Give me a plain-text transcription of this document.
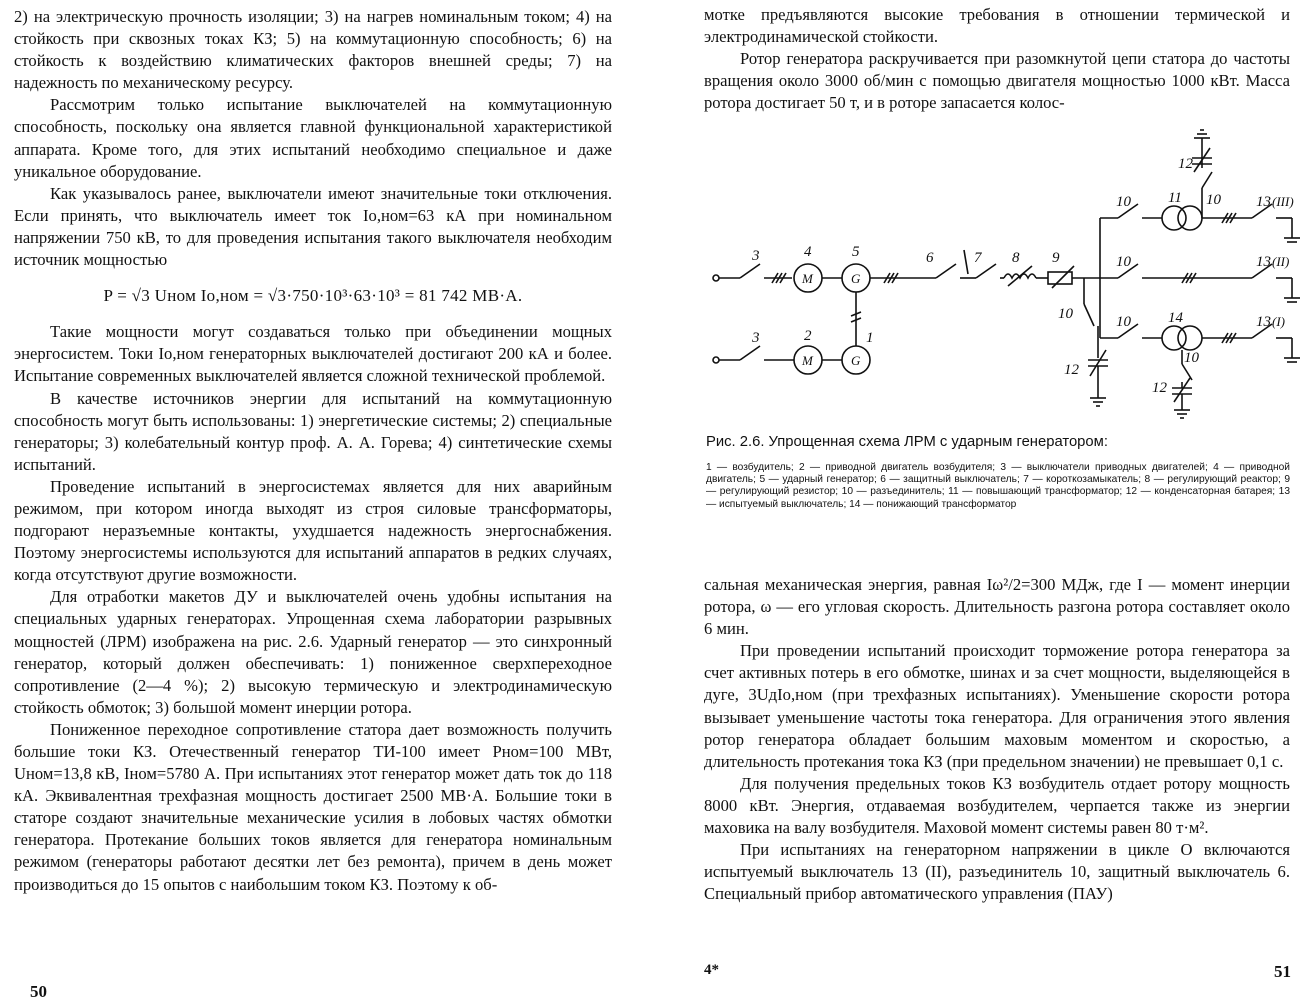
2) на электрическую прочность изоляции; 3) на нагрев номинальным током; 4) на стойкость при сквозных токах КЗ; 5) на коммутационную способность; 6) на стойкость к воздействию климатических факторов внешней среды; 7) на надежность по механическому ресурсу.

Рассмотрим только испытание выключателей на коммутационную способность, поскольку она является главной функциональной характеристикой аппарата. Кроме того, для этих испытаний необходимо специальное и даже уникальное оборудование.

Как указывалось ранее, выключатели имеют значительные токи отключения. Если принять, что выключатель имеет ток Iо,ном=63 кА при номинальном напряжении 750 кВ, то для проведения испытания такого выключателя необходим источник мощностью

P = √3 Uном Iо,ном = √3·750·10³·63·10³ = 81 742 МВ·А.

Такие мощности могут создаваться только при объединении мощных энергосистем. Токи Iо,ном генераторных выключателей достигают 200 кА и более. Испытание современных выключателей является сложной технической проблемой.

В качестве источников энергии для испытаний на коммутационную способность могут быть использованы: 1) энергетические системы; 2) специальные генераторы; 3) колебательный контур проф. А. А. Горева; 4) синтетические схемы испытаний.

Проведение испытаний в энергосистемах является для них аварийным режимом, при котором иногда выходят из строя силовые трансформаторы, подгорают неразъемные контакты, ухудшается надежность энергоснабжения. Поэтому энергосистемы используются для испытаний аппаратов в редких случаях, когда отсутствуют другие возможности.

Для отработки макетов ДУ и выключателей очень удобны испытания на специальных ударных генераторах. Упрощенная схема лаборатории разрывных мощностей (ЛРМ) изображена на рис. 2.6. Ударный генератор — это синхронный генератор, который должен обеспечивать: 1) пониженное сверхпереходное сопротивление (2—4 %); 2) высокую термическую и электродинамическую стойкость обмоток; 3) большой момент инерции ротора.

Пониженное переходное сопротивление статора дает возможность получить большие токи КЗ. Отечественный генератор ТИ-100 имеет Pном=100 МВт, Uном=13,8 кВ, Iном=5780 А. При испытаниях этот генератор может дать ток до 118 кА. Эквивалентная трехфазная мощность достигает 2500 МВ·А. Большие токи в статоре создают значительные механические усилия в лобовых частях обмотки генератора. Протекание больших токов является для генератора номинальным режимом (генераторы работают десятки лет без ремонта), причем в день может производиться до 15 опытов с наибольшим током КЗ. Поэтому к об-

50

мотке предъявляются высокие требования в отношении термической и электродинамической стойкости.

Ротор генератора раскручивается при разомкнутой цепи статора до частоты вращения около 3000 об/мин с помощью двигателя мощностью 1000 кВт. Масса ротора достигает 50 т, и в роторе запасается колос-

3
3
4	5
2	1
M
M
G
G
6	7 8 9
10
12
10
10
10
11
14
12
12
10
10 13 (III)
13 (II)
13 (I)
Рис. 2.6. Упрощенная схема ЛРМ с ударным генератором:
1 — возбудитель; 2 — приводной двигатель возбудителя; 3 — выключатели приводных двигателей; 4 — приводной двигатель; 5 — ударный генератор; 6 — защитный выключатель; 7 — короткозамыкатель; 8 — регулирующий реактор; 9 — регулирующий резистор; 10 — разъединитель; 11 — повышающий трансформатор; 12 — конденсаторная батарея; 13 — испытуемый выключатель; 14 — понижающий трансформатор

сальная механическая энергия, равная Iω²/2=300 МДж, где I — момент инерции ротора, ω — его угловая скорость. Длительность разгона ротора составляет около 6 мин.

При проведении испытаний происходит торможение ротора генератора за счет активных потерь в его обмотке, шинах и за счет мощности, выделяющейся в дуге, 3UдIо,ном (при трехфазных испытаниях). Уменьшение скорости ротора вызывает уменьшение частоты тока генератора. Для ограничения этого явления ротор генератора обладает большим маховым моментом и скоростью, а длительность протекания тока КЗ (при предельном значении) не превышает 0,1 с.

Для получения предельных токов КЗ возбудитель отдает ротору мощность 8000 кВт. Энергия, отдаваемая возбудителем, черпается также из энергии маховика на валу возбудителя. Маховой момент системы равен 80 т·м².

При испытаниях на генераторном напряжении в цикле О включаются испытуемый выключатель 13 (II), разъединитель 10, защитный выключатель 6. Специальный прибор автоматического управления (ПАУ)

4*	51
